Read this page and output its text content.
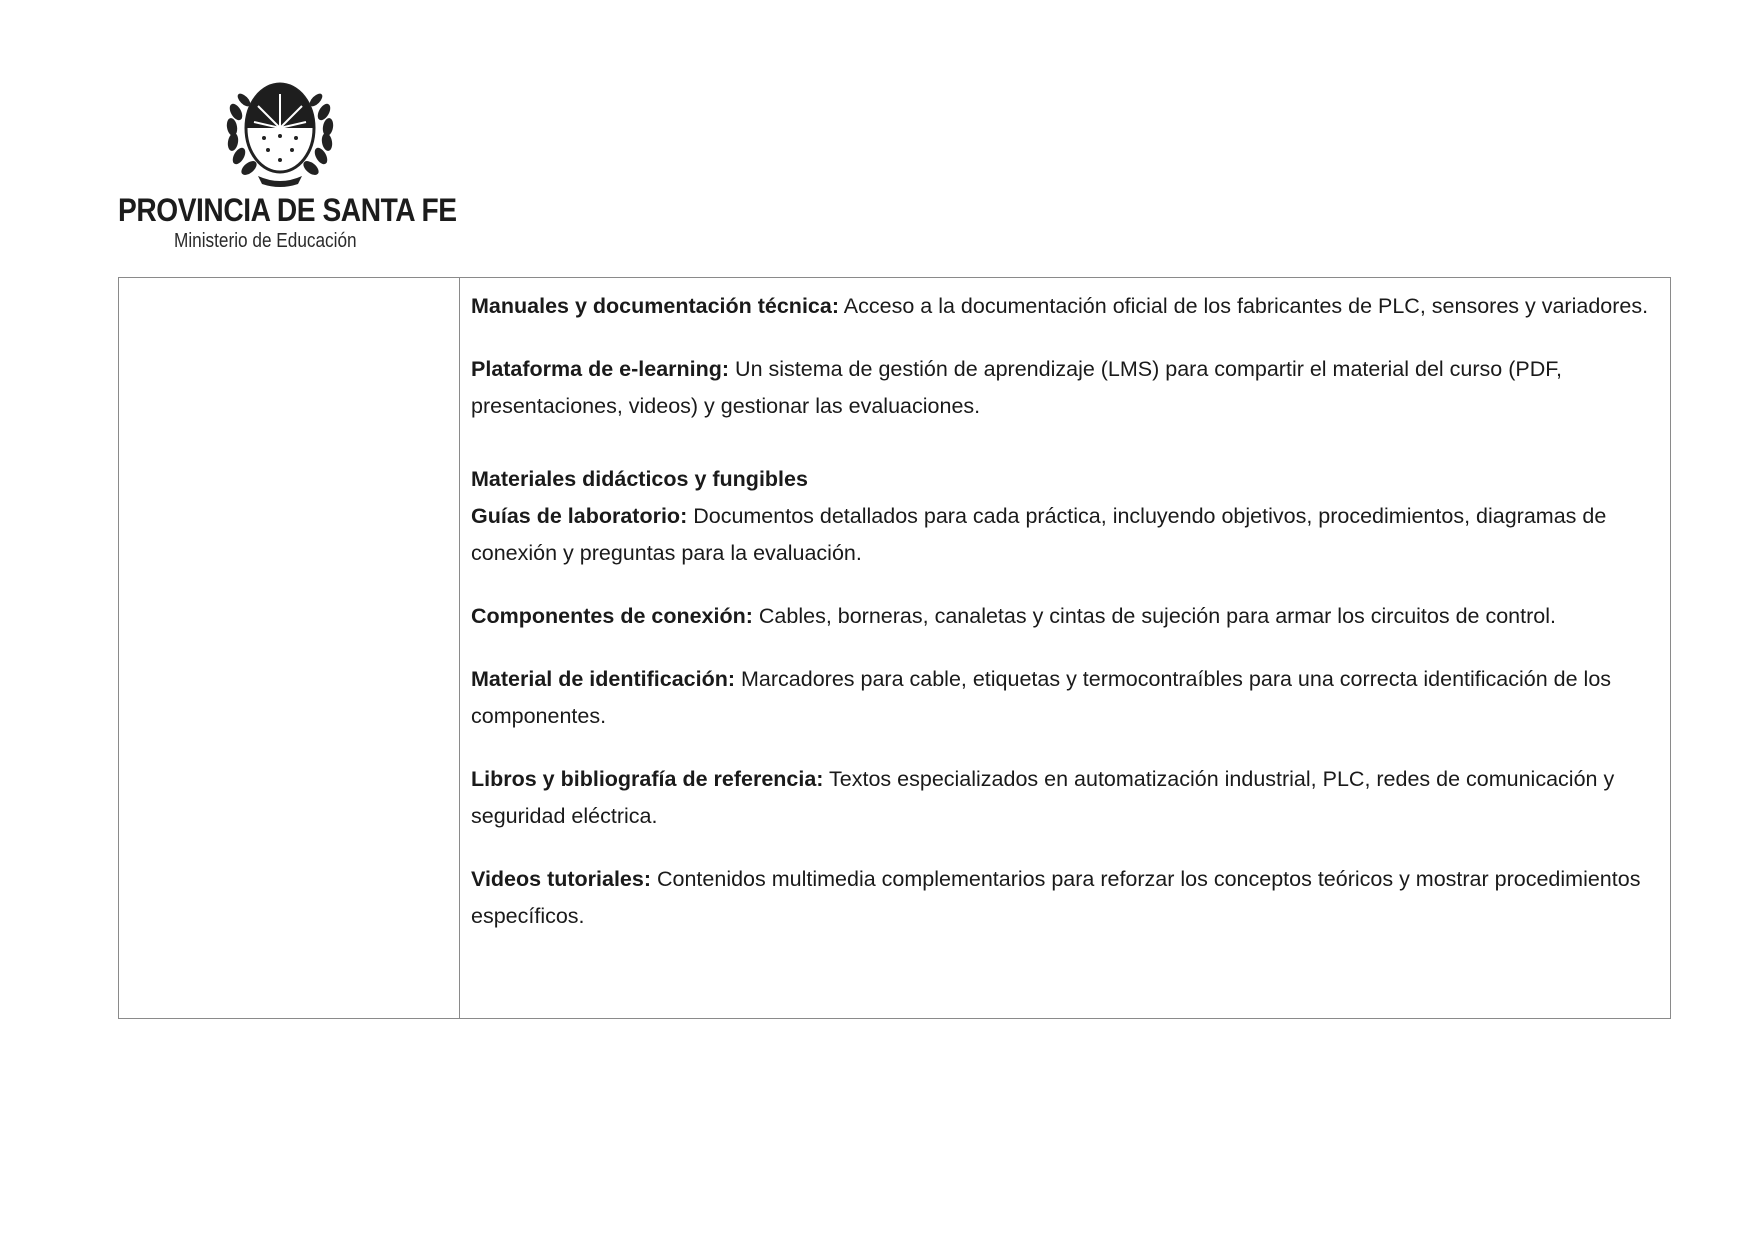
PROVINCIA DE SANTA FE
Ministerio de Educación

Manuales y documentación técnica: Acceso a la documentación oficial de los fabricantes de PLC, sensores y variadores.

Plataforma de e-learning: Un sistema de gestión de aprendizaje (LMS) para compartir el material del curso (PDF, presentaciones, videos) y gestionar las evaluaciones.

Materiales didácticos y fungibles

Guías de laboratorio: Documentos detallados para cada práctica, incluyendo objetivos, procedimientos, diagramas de conexión y preguntas para la evaluación.

Componentes de conexión: Cables, borneras, canaletas y cintas de sujeción para armar los circuitos de control.

Material de identificación: Marcadores para cable, etiquetas y termocontraíbles para una correcta identificación de los componentes.

Libros y bibliografía de referencia: Textos especializados en automatización industrial, PLC, redes de comunicación y seguridad eléctrica.

Videos tutoriales: Contenidos multimedia complementarios para reforzar los conceptos teóricos y mostrar procedimientos específicos.
